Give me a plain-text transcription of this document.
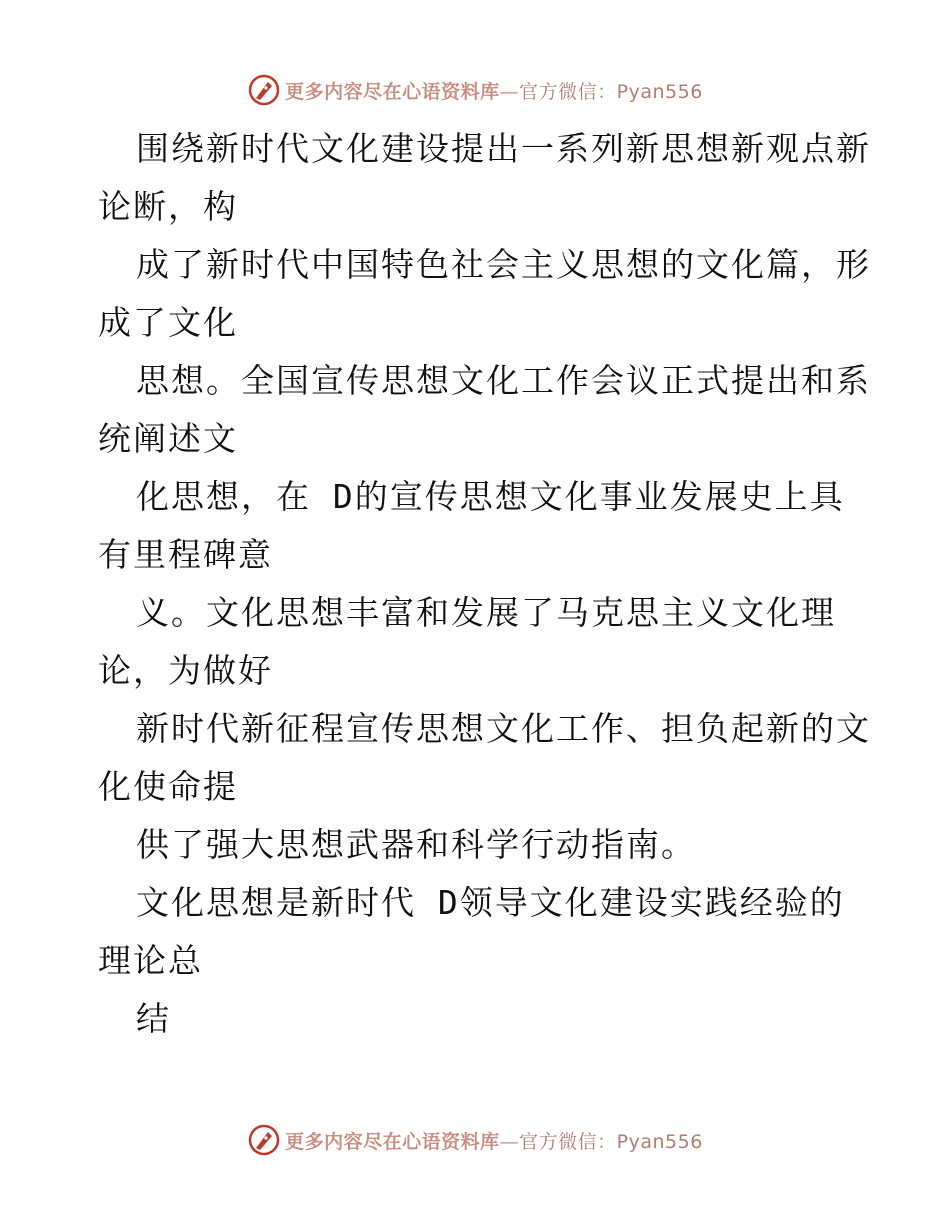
更多内容尽在心语资料库—官方微信：Pyan556
围绕新时代文化建设提出一系列新思想新观点新
论断，构
成了新时代中国特色社会主义思想的文化篇，形
成了文化
思想。全国宣传思想文化工作会议正式提出和系
统阐述文
化思想，在 D的宣传思想文化事业发展史上具
有里程碑意
义。文化思想丰富和发展了马克思主义文化理
论，为做好
新时代新征程宣传思想文化工作、担负起新的文
化使命提
供了强大思想武器和科学行动指南。
文化思想是新时代 D领导文化建设实践经验的
理论总
结
更多内容尽在心语资料库—官方微信：Pyan556
